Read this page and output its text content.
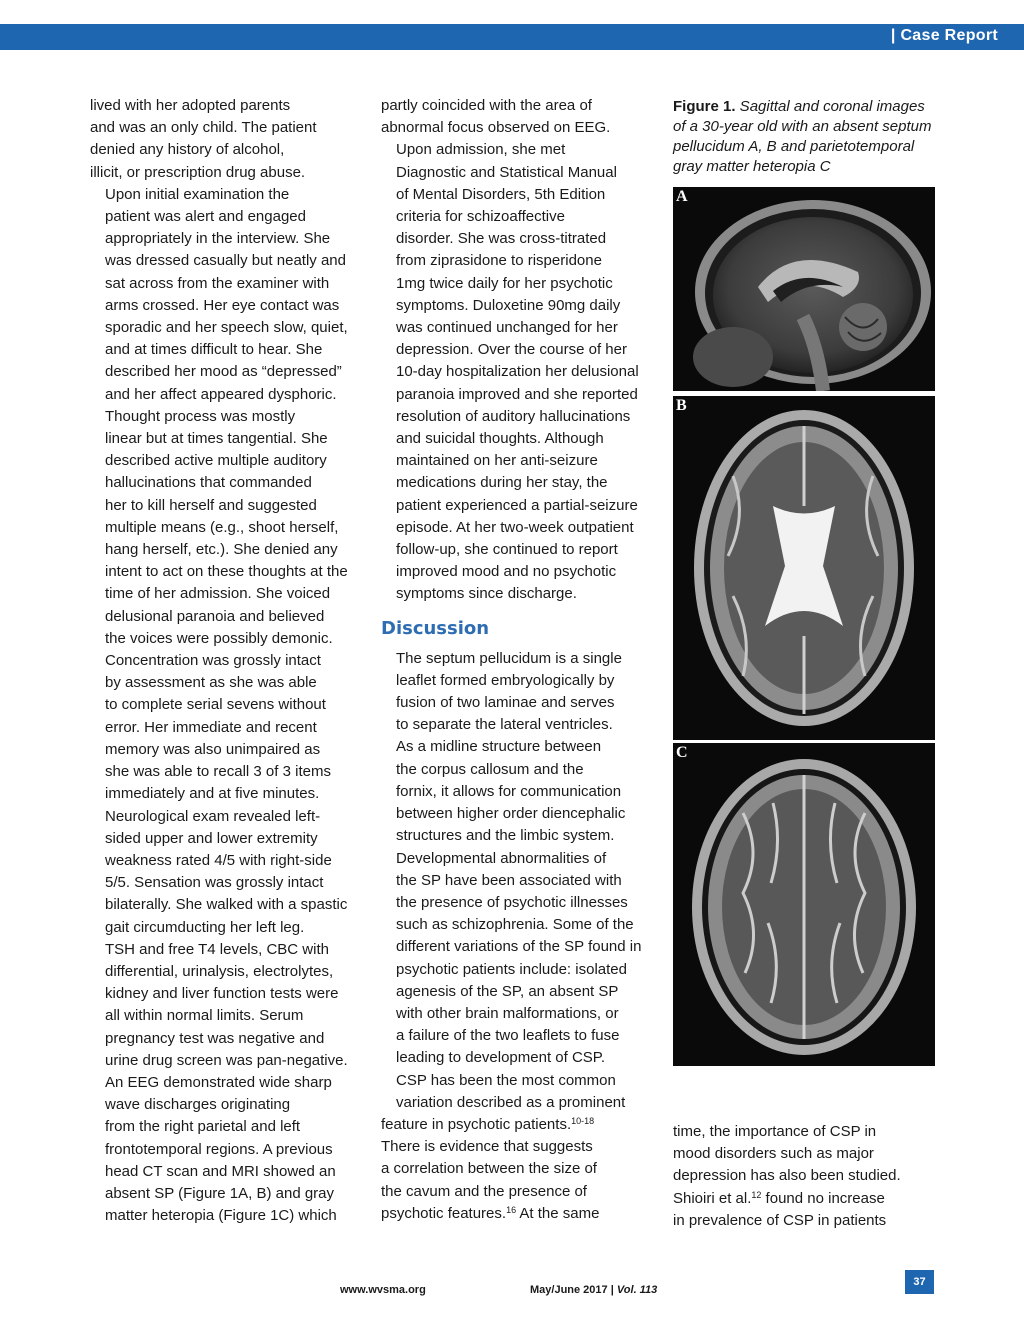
| Case Report

lived with her adopted parents
and was an only child. The patient
denied any history of alcohol,
illicit, or prescription drug abuse.

Upon initial examination the
patient was alert and engaged
appropriately in the interview. She
was dressed casually but neatly and
sat across from the examiner with
arms crossed. Her eye contact was
sporadic and her speech slow, quiet,
and at times difficult to hear. She
described her mood as “depressed”
and her affect appeared dysphoric.
Thought process was mostly
linear but at times tangential. She
described active multiple auditory
hallucinations that commanded
her to kill herself and suggested
multiple means (e.g., shoot herself,
hang herself, etc.). She denied any
intent to act on these thoughts at the
time of her admission. She voiced
delusional paranoia and believed
the voices were possibly demonic.
Concentration was grossly intact
by assessment as she was able
to complete serial sevens without
error. Her immediate and recent
memory was also unimpaired as
she was able to recall 3 of 3 items
immediately and at five minutes.
Neurological exam revealed left-
sided upper and lower extremity
weakness rated 4/5 with right-side
5/5. Sensation was grossly intact
bilaterally. She walked with a spastic
gait circumducting her left leg.

TSH and free T4 levels, CBC with
differential, urinalysis, electrolytes,
kidney and liver function tests were
all within normal limits. Serum
pregnancy test was negative and
urine drug screen was pan-negative.
An EEG demonstrated wide sharp
wave discharges originating
from the right parietal and left
frontotemporal regions. A previous
head CT scan and MRI showed an
absent SP (Figure 1A, B) and gray
matter heteropia (Figure 1C) which

partly coincided with the area of
abnormal focus observed on EEG.

Upon admission, she met
Diagnostic and Statistical Manual
of Mental Disorders, 5th Edition
criteria for schizoaffective
disorder. She was cross-titrated
from ziprasidone to risperidone
1mg twice daily for her psychotic
symptoms. Duloxetine 90mg daily
was continued unchanged for her
depression. Over the course of her
10-day hospitalization her delusional
paranoia improved and she reported
resolution of auditory hallucinations
and suicidal thoughts. Although
maintained on her anti-seizure
medications during her stay, the
patient experienced a partial-seizure
episode. At her two-week outpatient
follow-up, she continued to report
improved mood and no psychotic
symptoms since discharge.

Discussion

The septum pellucidum is a single
leaflet formed embryologically by
fusion of two laminae and serves
to separate the lateral ventricles.
As a midline structure between
the corpus callosum and the
fornix, it allows for communication
between higher order diencephalic
structures and the limbic system.
Developmental abnormalities of
the SP have been associated with
the presence of psychotic illnesses
such as schizophrenia. Some of the
different variations of the SP found in
psychotic patients include: isolated
agenesis of the SP, an absent SP
with other brain malformations, or
a failure of the two leaflets to fuse
leading to development of CSP.

CSP has been the most common
variation described as a prominent

feature in psychotic patients.$^{10-18}$
There is evidence that suggests
a correlation between the size of
the cavum and the presence of
psychotic features.$^{16}$ At the same

Figure 1. Sagittal and coronal images of a 30-year old with an absent septum pellucidum A, B and parietotemporal gray matter heteropia C
A
B
C
time, the importance of CSP in
mood disorders such as major
depression has also been studied.
Shioiri et al.$^{12}$ found no increase
in prevalence of CSP in patients
www.wvsma.org	May/June 2017 | Vol. 113
37
